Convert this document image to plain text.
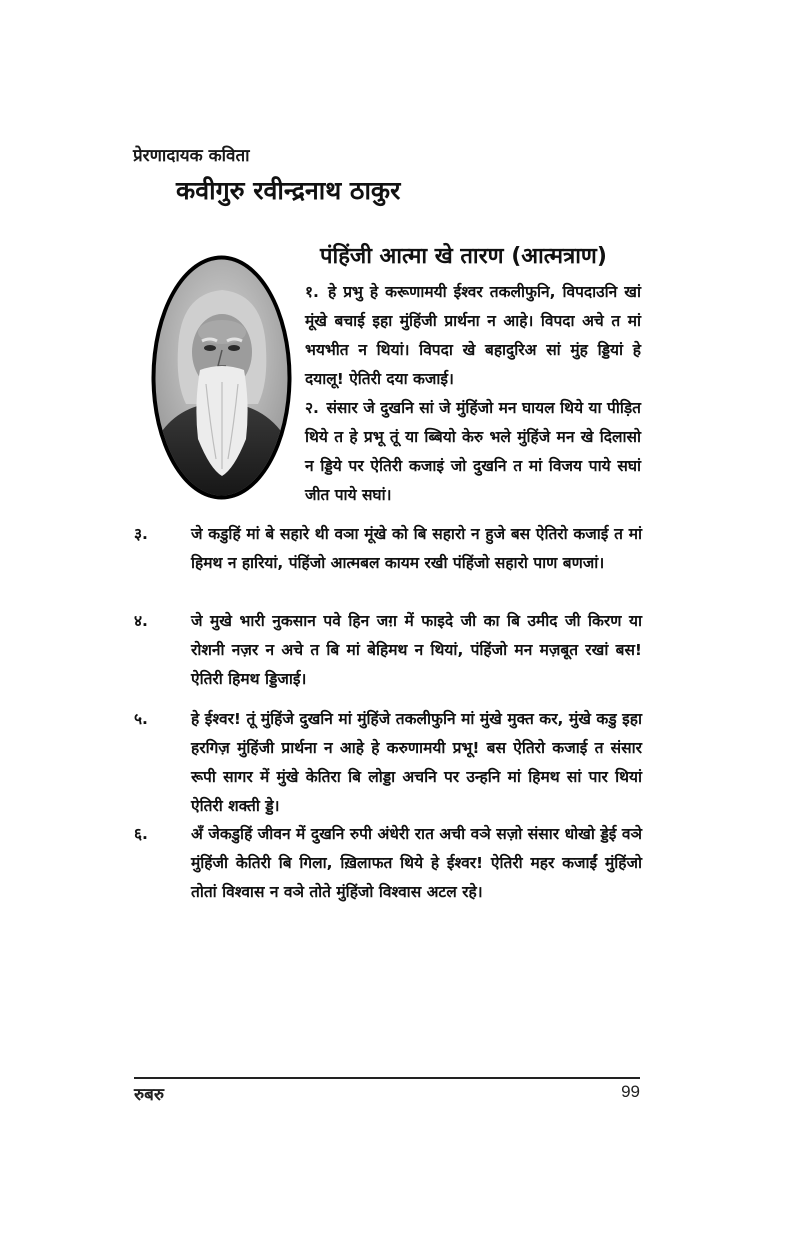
प्रेरणादायक कविता
कवीगुरु रवीन्द्रनाथ ठाकुर
पंहिंजी आत्मा खे तारण (आत्मत्राण)
१. हे प्रभु हे करूणामयी ईश्वर तकलीफुनि, विपदाउनि खां मूंखे बचाई इहा मुंहिंजी प्रार्थना न आहे। विपदा अचे त मां भयभीत न थियां। विपदा खे बहादुरिअ सां मुंह ड्डियां हे दयालू! ऐतिरी दया कजाई।
२. संसार जे दुखनि सां जे मुंहिंजो मन घायल थिये या पीड़ित थिये त हे प्रभू तूं या ब्बियो केरु भले मुंहिंजे मन खे दिलासो न ड्डिये पर ऐतिरी कजाइं जो दुखनि त मां विजय पाये सघां जीत पाये सघां।
३.	जे कडुहिं मां बे सहारे थी वञा मूंखे को बि सहारो न हुजे बस ऐतिरो कजाई त मां हिमथ न हारियां, पंहिंजो आत्मबल कायम रखी पंहिंजो सहारो पाण बणजां।
४.	जे मुखे भारी नुकसान पवे हिन जग़ में फाइदे जी का बि उमीद जी किरण या रोशनी नज़र न अचे त बि मां बेहिमथ न थियां, पंहिंजो मन मज़बूत रखां बस! ऐतिरी हिमथ ड्डिजाई।
५.	हे ईश्वर! तूं मुंहिंजे दुखनि मां मुंहिंजे तकलीफुनि मां मुंखे मुक्त कर, मुंखे कडु इहा हरगिज़ मुंहिंजी प्रार्थना न आहे हे करुणामयी प्रभू! बस ऐतिरो कजाई त संसार रूपी सागर में मुंखे केतिरा बि लोड्डा अचनि पर उन्हनि मां हिमथ सां पार थियां ऐतिरी शक्ती ड्डे।
६.	अँ जेकडुहिं जीवन में दुखनि रुपी अंधेरी रात अची वञे सज़ो संसार धोखो ड्डेई वञे मुंहिंजी केतिरी बि गिला, ख़िलाफत थिये हे ईश्वर! ऐतिरी महर कजाईं मुंहिंजो तोतां विश्वास न वञे तोते मुंहिंजो विश्वास अटल रहे।
रुबरु	99
